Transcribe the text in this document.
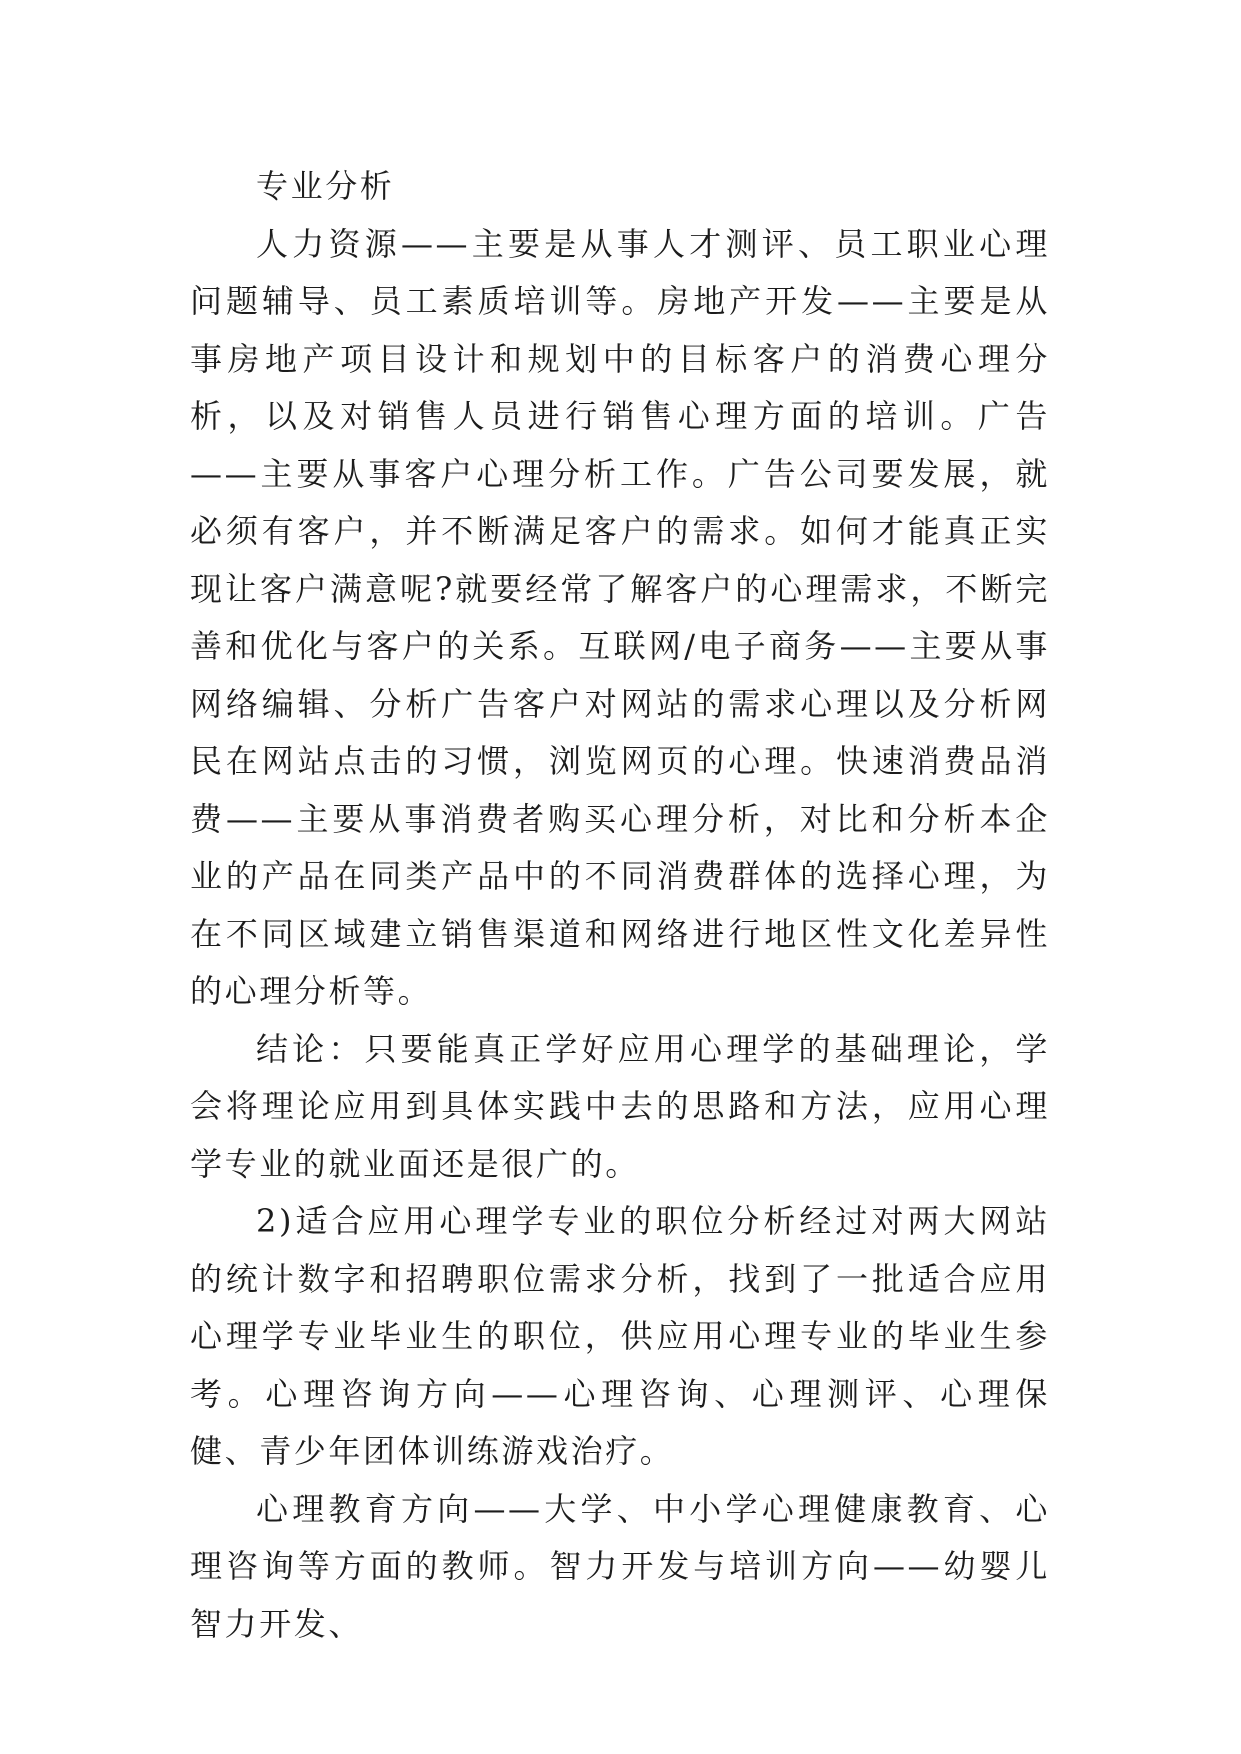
专业分析

人力资源——主要是从事人才测评、员工职业心理问题辅导、员工素质培训等。房地产开发——主要是从事房地产项目设计和规划中的目标客户的消费心理分析，以及对销售人员进行销售心理方面的培训。广告——主要从事客户心理分析工作。广告公司要发展，就必须有客户，并不断满足客户的需求。如何才能真正实现让客户满意呢?就要经常了解客户的心理需求，不断完善和优化与客户的关系。互联网/电子商务——主要从事网络编辑、分析广告客户对网站的需求心理以及分析网民在网站点击的习惯，浏览网页的心理。快速消费品消费——主要从事消费者购买心理分析，对比和分析本企业的产品在同类产品中的不同消费群体的选择心理，为在不同区域建立销售渠道和网络进行地区性文化差异性的心理分析等。

结论：只要能真正学好应用心理学的基础理论，学会将理论应用到具体实践中去的思路和方法，应用心理学专业的就业面还是很广的。

2)适合应用心理学专业的职位分析经过对两大网站的统计数字和招聘职位需求分析，找到了一批适合应用心理学专业毕业生的职位，供应用心理专业的毕业生参考。心理咨询方向——心理咨询、心理测评、心理保健、青少年团体训练游戏治疗。

心理教育方向——大学、中小学心理健康教育、心理咨询等方面的教师。智力开发与培训方向——幼婴儿智力开发、
